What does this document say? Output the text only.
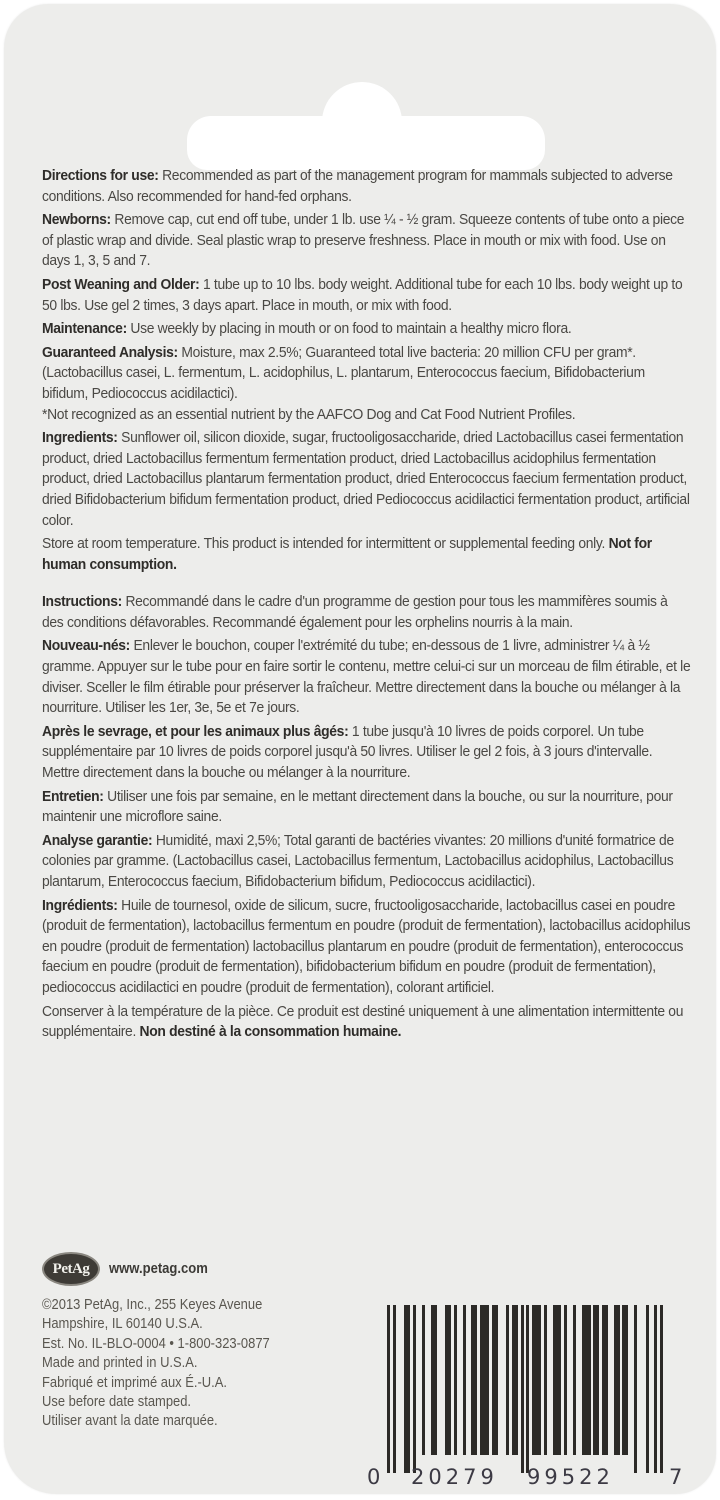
Directions for use: Recommended as part of the management program for mammals subjected to adverse conditions. Also recommended for hand-fed orphans.

Newborns: Remove cap, cut end off tube, under 1 lb. use ¼ - ½ gram. Squeeze contents of tube onto a piece of plastic wrap and divide. Seal plastic wrap to preserve freshness. Place in mouth or mix with food. Use on days 1, 3, 5 and 7.

Post Weaning and Older: 1 tube up to 10 lbs. body weight. Additional tube for each 10 lbs. body weight up to 50 lbs. Use gel 2 times, 3 days apart. Place in mouth, or mix with food.

Maintenance: Use weekly by placing in mouth or on food to maintain a healthy micro flora.

Guaranteed Analysis: Moisture, max 2.5%; Guaranteed total live bacteria: 20 million CFU per gram*. (Lactobacillus casei, L. fermentum, L. acidophilus, L. plantarum, Enterococcus faecium, Bifidobacterium bifidum, Pediococcus acidilactici).

*Not recognized as an essential nutrient by the AAFCO Dog and Cat Food Nutrient Profiles.

Ingredients: Sunflower oil, silicon dioxide, sugar, fructooligosaccharide, dried Lactobacillus casei fermentation product, dried Lactobacillus fermentum fermentation product, dried Lactobacillus acidophilus fermentation product, dried Lactobacillus plantarum fermentation product, dried Enterococcus faecium fermentation product, dried Bifidobacterium bifidum fermentation product, dried Pediococcus acidilactici fermentation product, artificial color.

Store at room temperature. This product is intended for intermittent or supplemental feeding only. Not for human consumption.

Instructions: Recommandé dans le cadre d'un programme de gestion pour tous les mammifères soumis à des conditions défavorables. Recommandé également pour les orphelins nourris à la main.

Nouveau-nés: Enlever le bouchon, couper l'extrémité du tube; en-dessous de 1 livre, administrer ¼ à ½ gramme. Appuyer sur le tube pour en faire sortir le contenu, mettre celui-ci sur un morceau de film étirable, et le diviser. Sceller le film étirable pour préserver la fraîcheur. Mettre directement dans la bouche ou mélanger à la nourriture. Utiliser les 1er, 3e, 5e et 7e jours.

Après le sevrage, et pour les animaux plus âgés: 1 tube jusqu'à 10 livres de poids corporel. Un tube supplémentaire par 10 livres de poids corporel jusqu'à 50 livres. Utiliser le gel 2 fois, à 3 jours d'intervalle. Mettre directement dans la bouche ou mélanger à la nourriture.

Entretien: Utiliser une fois par semaine, en le mettant directement dans la bouche, ou sur la nourriture, pour maintenir une microflore saine.

Analyse garantie: Humidité, maxi 2,5%; Total garanti de bactéries vivantes: 20 millions d'unité formatrice de colonies par gramme. (Lactobacillus casei, Lactobacillus fermentum, Lactobacillus acidophilus, Lactobacillus plantarum, Enterococcus faecium, Bifidobacterium bifidum, Pediococcus acidilactici).

Ingrédients: Huile de tournesol, oxide de silicum, sucre, fructooligosaccharide, lactobacillus casei en poudre (produit de fermentation), lactobacillus fermentum en poudre (produit de fermentation), lactobacillus acidophilus en poudre (produit de fermentation) lactobacillus plantarum en poudre (produit de fermentation), enterococcus faecium en poudre (produit de fermentation), bifidobacterium bifidum en poudre (produit de fermentation), pediococcus acidilactici en poudre (produit de fermentation), colorant artificiel.

Conserver à la température de la pièce. Ce produit est destiné uniquement à une alimentation intermittente ou supplémentaire. Non destiné à la consommation humaine.

PetAg www.petag.com
©2013 PetAg, Inc., 255 Keyes Avenue
Hampshire, IL 60140 U.S.A.
Est. No. IL-BLO-0004 • 1-800-323-0877
Made and printed in U.S.A.
Fabriqué et imprimé aux É.-U.A.
Use before date stamped.
Utiliser avant la date marquée.
0 20279 99522	7
